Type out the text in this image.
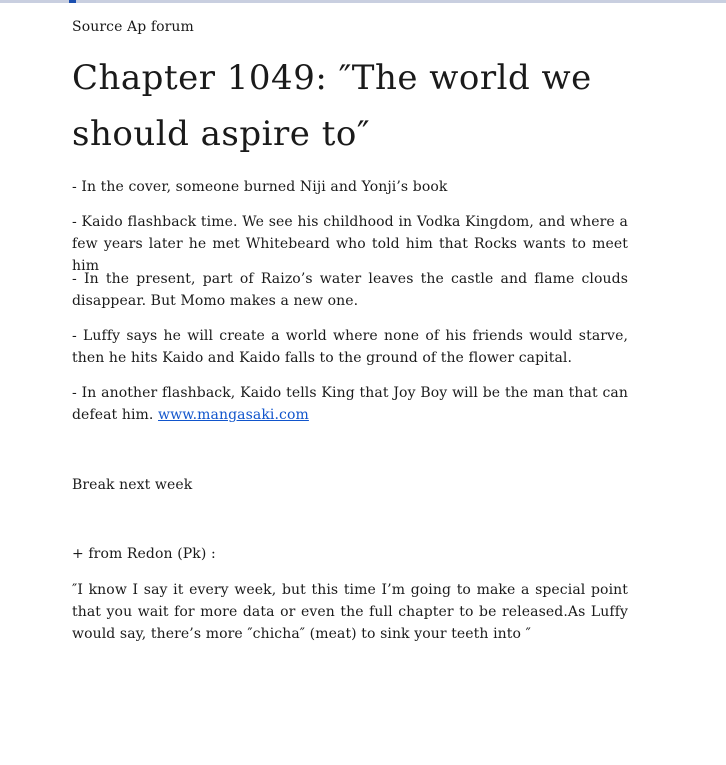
Source Ap forum
Chapter 1049: ″The world we should aspire to″

- In the cover, someone burned Niji and Yonji’s book

- Kaido flashback time. We see his childhood in Vodka Kingdom, and where a few years later he met Whitebeard who told him that Rocks wants to meet him

- In the present, part of Raizo’s water leaves the castle and flame clouds disappear. But Momo makes a new one.

- Luffy says he will create a world where none of his friends would starve, then he hits Kaido and Kaido falls to the ground of the flower capital.

- In another flashback, Kaido tells King that Joy Boy will be the man that can defeat him. www.mangasaki.com

Break next week

+ from Redon (Pk) :

″I know I say it every week, but this time I’m going to make a special point that you wait for more data or even the full chapter to be released.As Luffy would say, there’s more ″chicha″ (meat) to sink your teeth into ″
